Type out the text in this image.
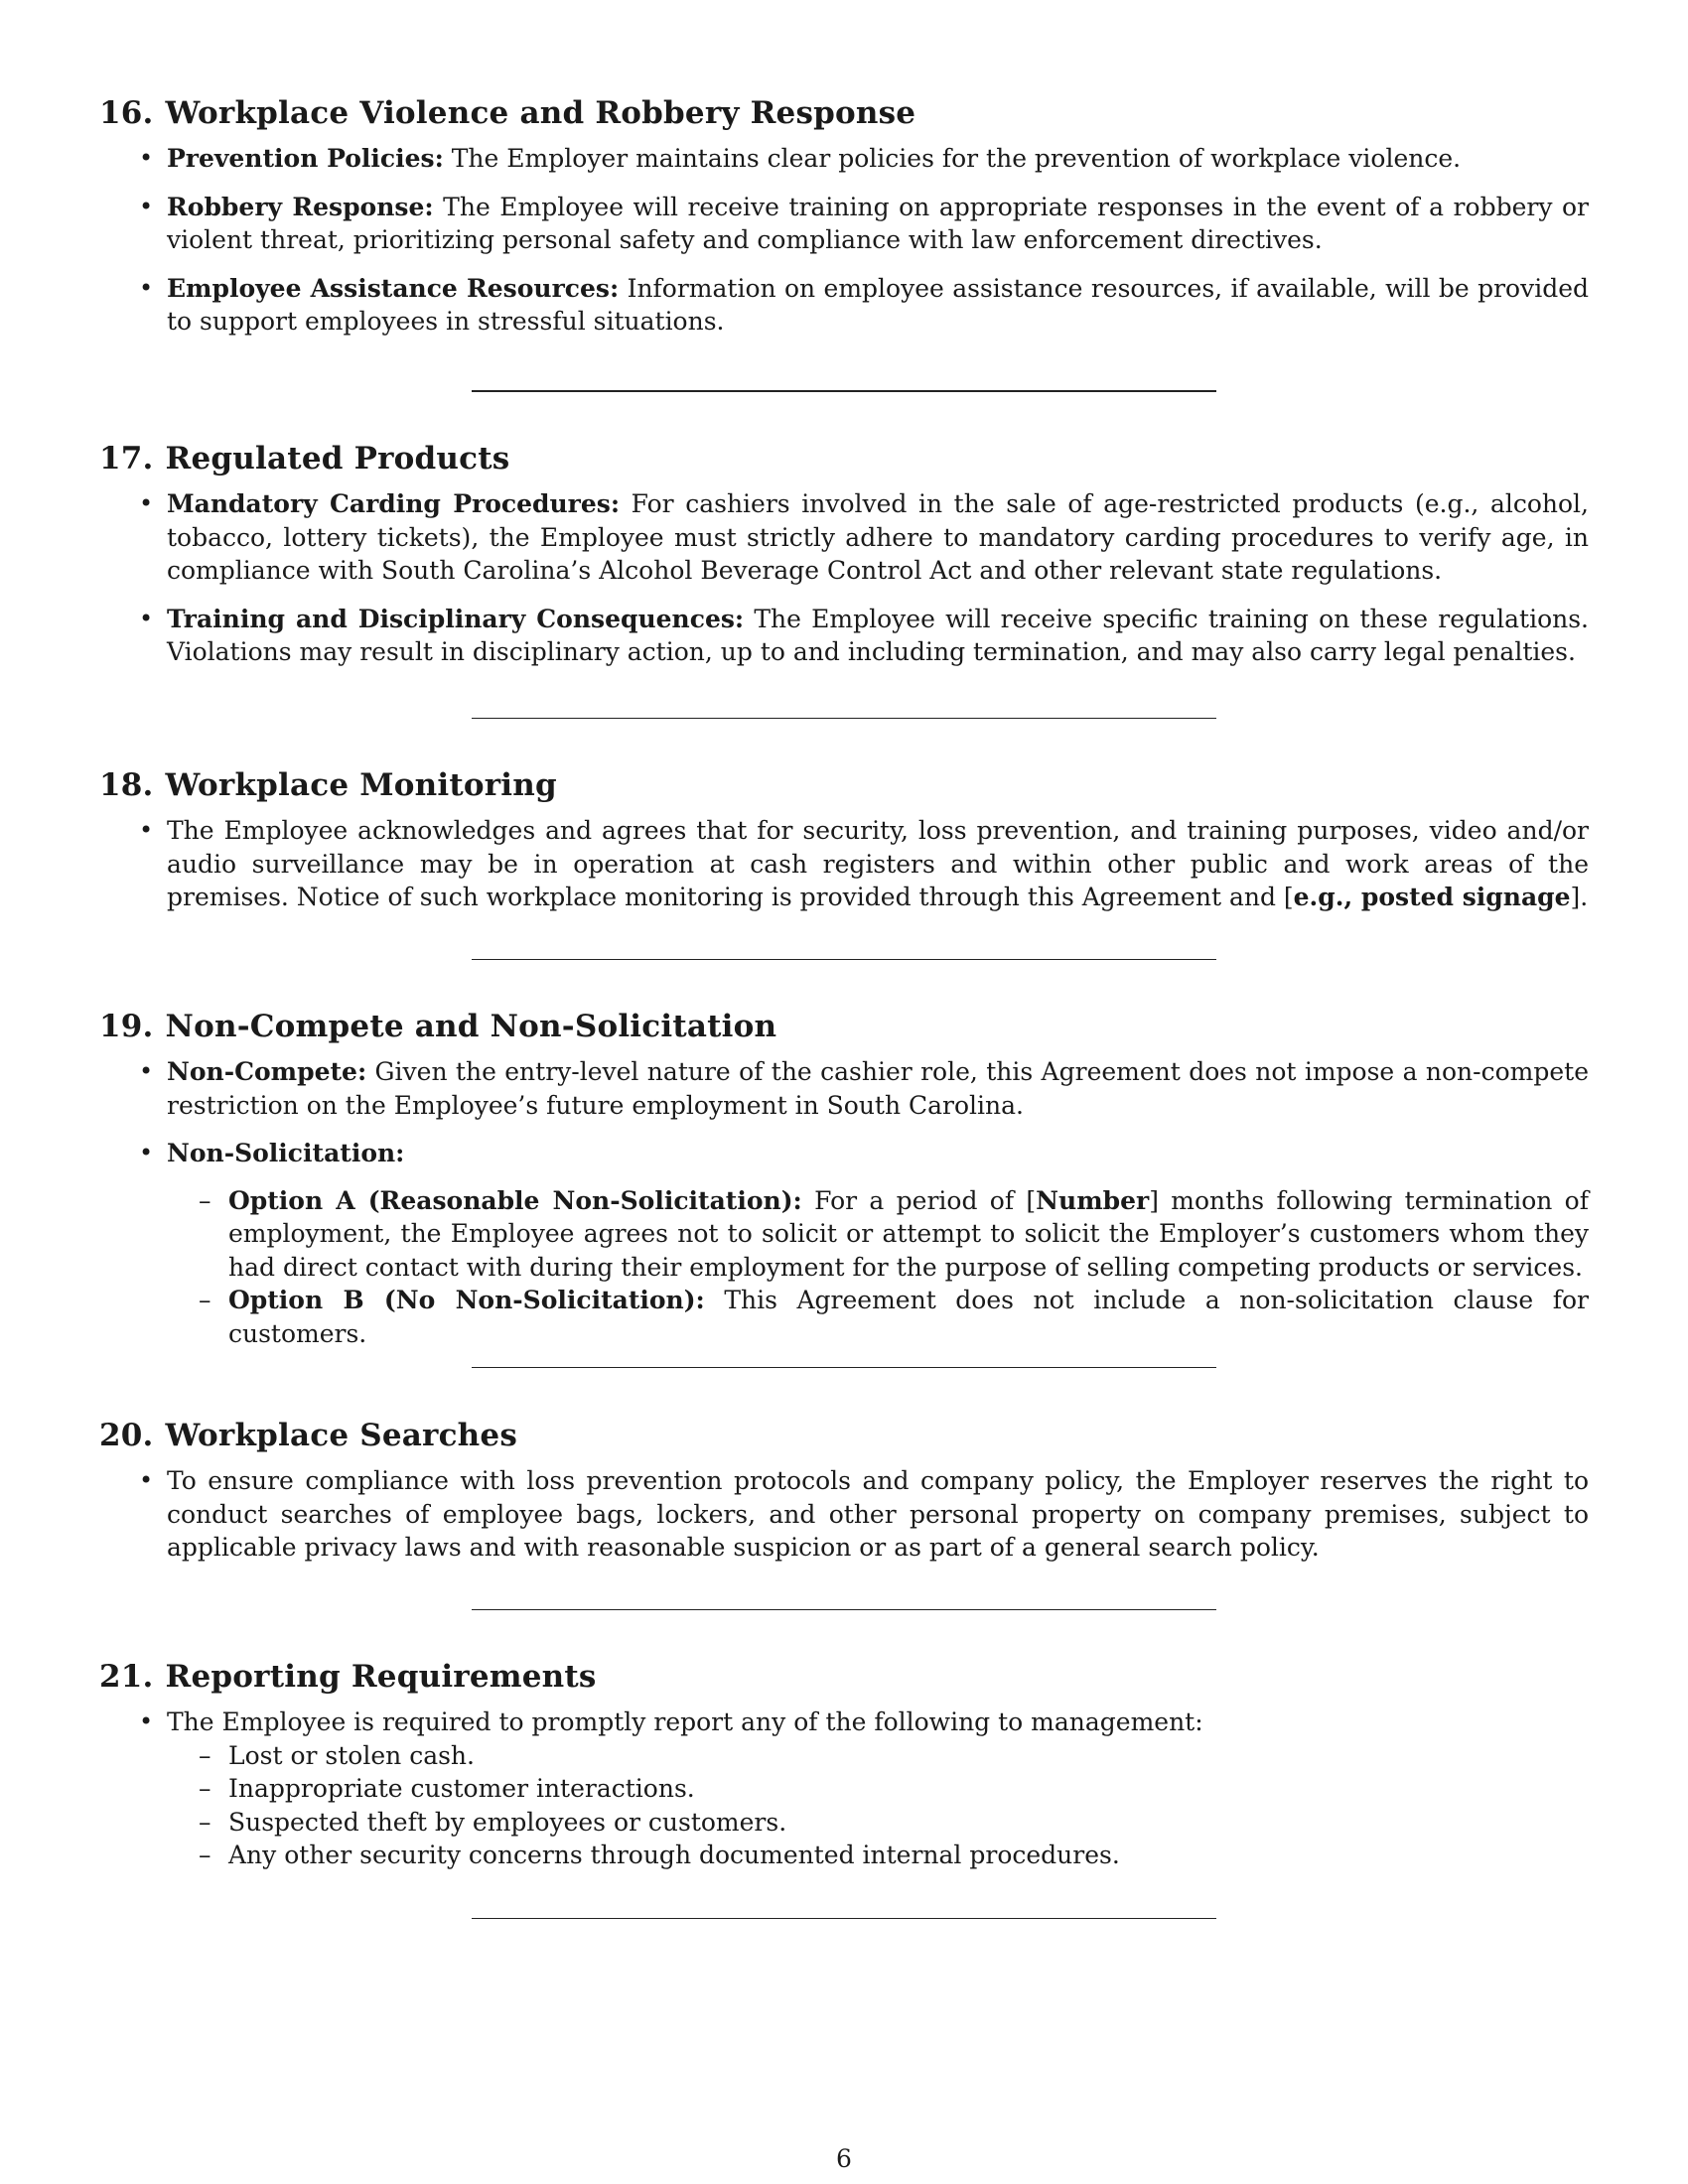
16. Workplace Violence and Robbery Response
• Prevention Policies: The Employer maintains clear policies for the prevention of workplace violence.
• Robbery Response: The Employee will receive training on appropriate responses in the event of a robbery or violent threat, prioritizing personal safety and compliance with law enforcement directives.
• Employee Assistance Resources: Information on employee assistance resources, if available, will be provided to support employees in stressful situations.
17. Regulated Products
• Mandatory Carding Procedures: For cashiers involved in the sale of age-restricted products (e.g., alcohol, tobacco, lottery tickets), the Employee must strictly adhere to mandatory carding procedures to verify age, in compliance with South Carolina’s Alcohol Beverage Control Act and other relevant state regulations.
• Training and Disciplinary Consequences: The Employee will receive specific training on these regulations. Violations may result in disciplinary action, up to and including termination, and may also carry legal penalties.
18. Workplace Monitoring
• The Employee acknowledges and agrees that for security, loss prevention, and training purposes, video and/or audio surveillance may be in operation at cash registers and within other public and work areas of the premises. Notice of such workplace monitoring is provided through this Agreement and [e.g., posted signage].
19. Non-Compete and Non-Solicitation
• Non-Compete: Given the entry-level nature of the cashier role, this Agreement does not impose a non-compete restriction on the Employee’s future employment in South Carolina.
• Non-Solicitation:
– Option A (Reasonable Non-Solicitation): For a period of [Number] months following termination of employment, the Employee agrees not to solicit or attempt to solicit the Employer’s customers whom they had direct contact with during their employment for the purpose of selling competing products or services.
– Option B (No Non-Solicitation): This Agreement does not include a non-solicitation clause for customers.
20. Workplace Searches
• To ensure compliance with loss prevention protocols and company policy, the Employer reserves the right to conduct searches of employee bags, lockers, and other personal property on company premises, subject to applicable privacy laws and with reasonable suspicion or as part of a general search policy.
21. Reporting Requirements
• The Employee is required to promptly report any of the following to management:
– Lost or stolen cash.
– Inappropriate customer interactions.
– Suspected theft by employees or customers.
– Any other security concerns through documented internal procedures.
6
